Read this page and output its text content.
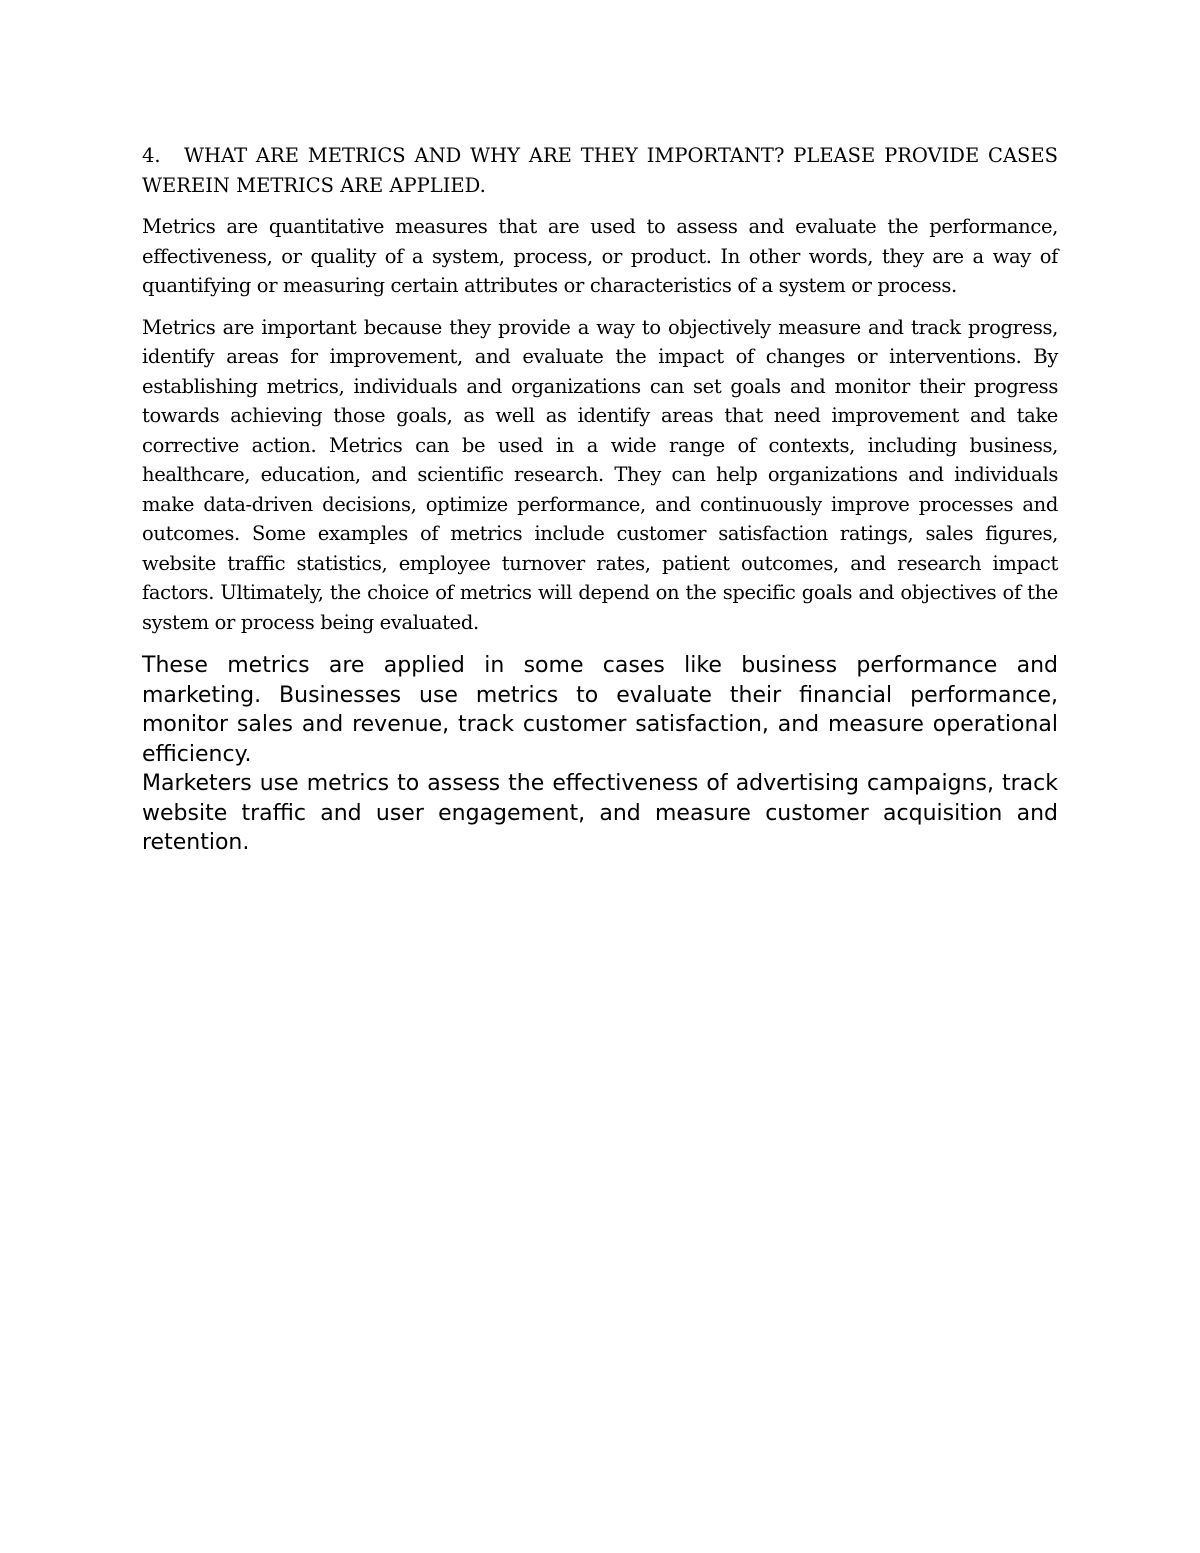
4. WHAT ARE METRICS AND WHY ARE THEY IMPORTANT? PLEASE PROVIDE CASES WEREIN METRICS ARE APPLIED.

Metrics are quantitative measures that are used to assess and evaluate the performance, effectiveness, or quality of a system, process, or product. In other words, they are a way of quantifying or measuring certain attributes or characteristics of a system or process.

Metrics are important because they provide a way to objectively measure and track progress, identify areas for improvement, and evaluate the impact of changes or interventions. By establishing metrics, individuals and organizations can set goals and monitor their progress towards achieving those goals, as well as identify areas that need improvement and take corrective action. Metrics can be used in a wide range of contexts, including business, healthcare, education, and scientific research. They can help organizations and individuals make data-driven decisions, optimize performance, and continuously improve processes and outcomes. Some examples of metrics include customer satisfaction ratings, sales figures, website traffic statistics, employee turnover rates, patient outcomes, and research impact factors. Ultimately, the choice of metrics will depend on the specific goals and objectives of the system or process being evaluated.

These metrics are applied in some cases like business performance and marketing. Businesses use metrics to evaluate their financial performance, monitor sales and revenue, track customer satisfaction, and measure operational efficiency.
Marketers use metrics to assess the effectiveness of advertising campaigns, track website traffic and user engagement, and measure customer acquisition and retention.
